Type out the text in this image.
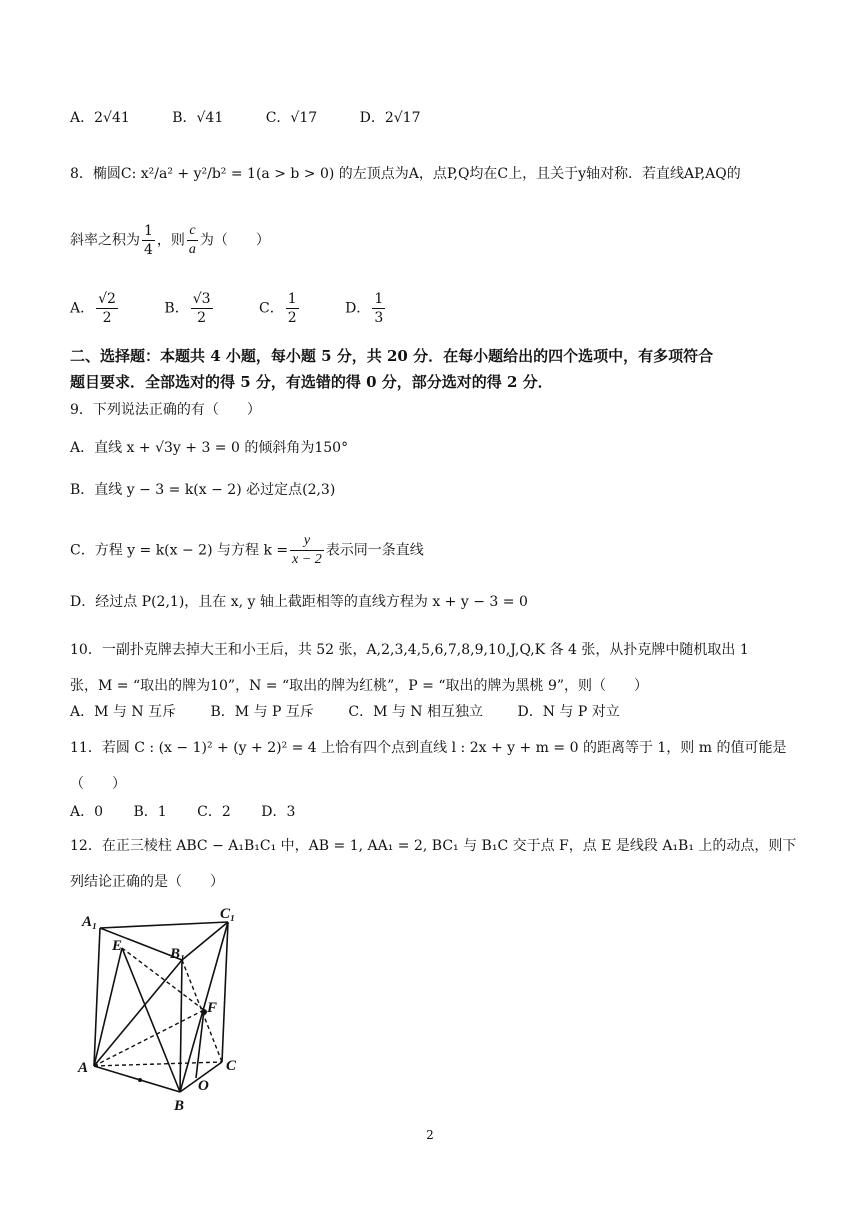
A．2√41	B．√41	C．√17	D．2√17
8．椭圆C: x²/a² + y²/b² = 1(a > b > 0) 的左顶点为A，点P,Q均在C上，且关于y轴对称．若直线AP,AQ的
斜率之积为 $\frac{1}{4}$ ，则 $\frac{c}{a}$ 为（　　）
A． $\frac{√2}{2}$	B． $\frac{√3}{2}$	C． $\frac{1}{2}$	D． $\frac{1}{3}$
二、选择题：本题共 4 小题，每小题 5 分，共 20 分．在每小题给出的四个选项中，有多项符合
题目要求．全部选对的得 5 分，有选错的得 0 分，部分选对的得 2 分．
9．下列说法正确的有（　　）
A．直线 x + √3y + 3 = 0 的倾斜角为150°
B．直线 y − 3 = k(x − 2) 必过定点(2,3)
C．方程 y = k(x − 2) 与方程 $k = \frac{y}{x - 2}$ 表示同一条直线
D．经过点 P(2,1)，且在 x, y 轴上截距相等的直线方程为 x + y − 3 = 0
10．一副扑克牌去掉大王和小王后，共 52 张，A,2,3,4,5,6,7,8,9,10,J,Q,K 各 4 张，从扑克牌中随机取出 1
张，M = “取出的牌为10”，N = “取出的牌为红桃”，P = “取出的牌为黑桃 9”，则（　　）
A．M 与 N 互斥 B．M 与 P 互斥 C．M 与 N 相互独立 D．N 与 P 对立
11．若圆 C : (x − 1)² + (y + 2)² = 4 上恰有四个点到直线 l : 2x + y + m = 0 的距离等于 1，则 m 的值可能是
（　　）
A．0 B．1 C．2 D．3
12．在正三棱柱 ABC − A₁B₁C₁ 中，AB = 1, AA₁ = 2, BC₁ 与 B₁C 交于点 F，点 E 是线段 A₁B₁ 上的动点，则下
列结论正确的是（　　）
A₁	C₁
E	B₁
F
A	C
O
B
2
